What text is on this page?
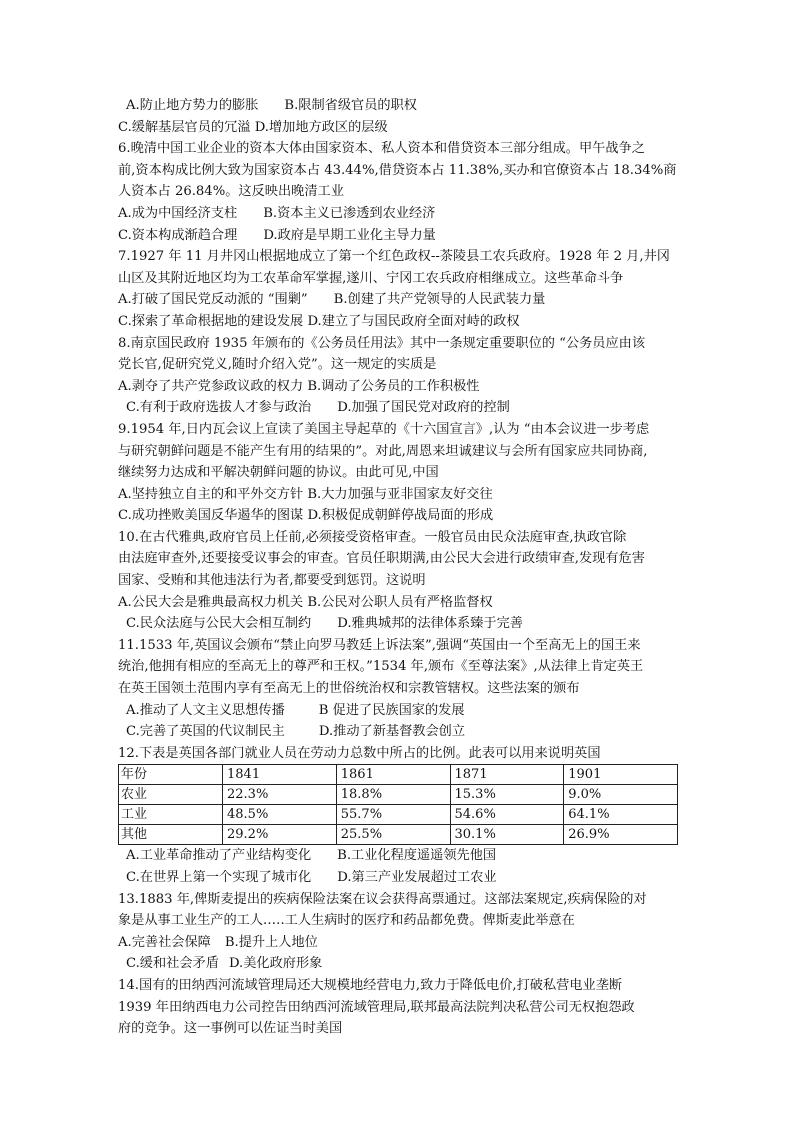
A.防止地方势力的膨胀 B.限制省级官员的职权
C.缓解基层官员的冗溢 D.增加地方政区的层级
6.晚清中国工业企业的资本大体由国家资本、私人资本和借贷资本三部分组成。甲午战争之
前,资本构成比例大致为国家资本占 43.44%,借贷资本占 11.38%,买办和官僚资本占 18.34%商
人资本占 26.84%。这反映出晚清工业
A.成为中国经济支柱 B.资本主义已渗透到农业经济
C.资本构成渐趋合理 D.政府是早期工业化主导力量
7.1927 年 11 月井冈山根据地成立了第一个红色政权--茶陵县工农兵政府。1928 年 2 月,井冈
山区及其附近地区均为工农革命军掌握,遂川、宁冈工农兵政府相继成立。这些革命斗争
A.打破了国民党反动派的 “围剿” B.创建了共产党领导的人民武装力量
C.探索了革命根据地的建设发展 D.建立了与国民政府全面对峙的政权
8.南京国民政府 1935 年颁布的《公务员任用法》其中一条规定重要职位的 “公务员应由该
党长官,促研究党义,随时介绍入党”。这一规定的实质是
A.剥夺了共产党参政议政的权力 B.调动了公务员的工作积极性
C.有利于政府选拔人才参与政治 D.加强了国民党对政府的控制
9.1954 年,日内瓦会议上宣读了美国主导起草的《十六国宣言》,认为 “由本会议进一步考虑
与研究朝鲜问题是不能产生有用的结果的”。对此,周恩来坦诚建议与会所有国家应共同协商,
继续努力达成和平解决朝鲜问题的协议。由此可见,中国
A.坚持独立自主的和平外交方针 B.大力加强与亚非国家友好交往
C.成功挫败美国反华遏华的图谋 D.积极促成朝鲜停战局面的形成
10.在古代雅典,政府官员上任前,必须接受资格审查。一般官员由民众法庭审查,执政官除
由法庭审查外,还要接受议事会的审查。官员任职期满,由公民大会进行政绩审查,发现有危害
国家、受贿和其他违法行为者,都要受到惩罚。这说明
A.公民大会是雅典最高权力机关 B.公民对公职人员有严格监督权
C.民众法庭与公民大会相互制约 D.雅典城邦的法律体系臻于完善
11.1533 年,英国议会颁布“禁止向罗马教廷上诉法案”,强调“英国由一个至高无上的国王来
统治,他拥有相应的至高无上的尊严和王权。”1534 年,颁布《至尊法案》,从法律上肯定英王
在英王国领土范围内享有至高无上的世俗统治权和宗教管辖权。这些法案的颁布
A.推动了人文主义思想传播	B 促进了民族国家的发展
C.完善了英国的代议制民主	D.推动了新基督教会创立
12.下表是英国各部门就业人员在劳动力总数中所占的比例。此表可以用来说明英国
年份	1841	1861	1871	1901
农业	22.3%	18.8%	15.3%	9.0%
工业	48.5%	55.7%	54.6%	64.1%
其他	29.2%	25.5%	30.1%	26.9%
A.工业革命推动了产业结构变化 B.工业化程度遥遥领先他国
C.在世界上第一个实现了城市化 D.第三产业发展超过工农业
13.1883 年,俾斯麦提出的疾病保险法案在议会获得高票通过。这部法案规定,疾病保险的对
象是从事工业生产的工人.….工人生病时的医疗和药品都免费。俾斯麦此举意在
A.完善社会保障 B.提升上人地位
C.缓和社会矛盾 D.美化政府形象
14.国有的田纳西河流域管理局还大规模地经营电力,致力于降低电价,打破私营电业垄断
1939 年田纳西电力公司控告田纳西河流域管理局,联邦最高法院判决私营公司无权抱怨政
府的竞争。这一事例可以佐证当时美国
